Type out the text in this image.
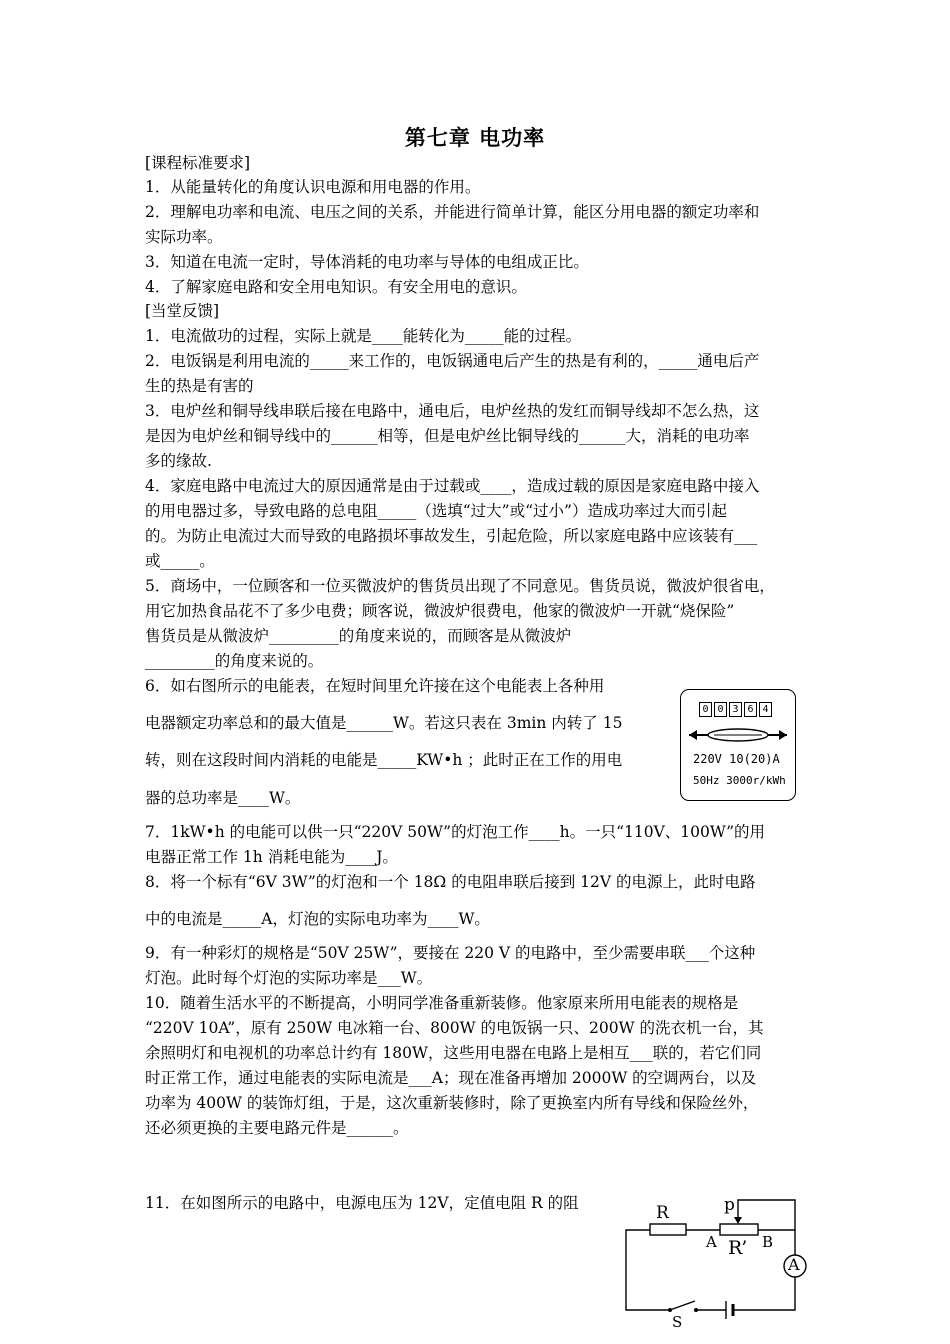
第七章 电功率
[课程标准要求]
1．从能量转化的角度认识电源和用电器的作用。
2．理解电功率和电流、电压之间的关系，并能进行简单计算，能区分用电器的额定功率和
实际功率。
3．知道在电流一定时，导体消耗的电功率与导体的电组成正比。
4．了解家庭电路和安全用电知识。有安全用电的意识。
[当堂反馈]
1．电流做功的过程，实际上就是____能转化为_____能的过程。
2．电饭锅是利用电流的_____来工作的，电饭锅通电后产生的热是有利的，_____通电后产
生的热是有害的
3．电炉丝和铜导线串联后接在电路中，通电后，电炉丝热的发红而铜导线却不怎么热，这
是因为电炉丝和铜导线中的______相等，但是电炉丝比铜导线的______大，消耗的电功率
多的缘故.
4．家庭电路中电流过大的原因通常是由于过载或____，造成过载的原因是家庭电路中接入
的用电器过多，导致电路的总电阻_____（选填“过大”或“过小”）造成功率过大而引起
的。为防止电流过大而导致的电路损坏事故发生，引起危险，所以家庭电路中应该装有___
或_____。
5．商场中，一位顾客和一位买微波炉的售货员出现了不同意见。售货员说，微波炉很省电，
用它加热食品花不了多少电费；顾客说，微波炉很费电，他家的微波炉一开就“烧保险”
售货员是从微波炉_________的角度来说的，而顾客是从微波炉
_________的角度来说的。
6．如右图所示的电能表，在短时间里允许接在这个电能表上各种用
电器额定功率总和的最大值是______W。若这只表在 3min 内转了 15
转，则在这段时间内消耗的电能是_____KW•h ；此时正在工作的用电
器的总功率是____W。
7．1kW•h 的电能可以供一只“220V 50W”的灯泡工作____h。一只“110V、100W”的用
电器正常工作 1h 消耗电能为____J。
8．将一个标有“6V 3W”的灯泡和一个 18Ω 的电阻串联后接到 12V 的电源上，此时电路
中的电流是_____A，灯泡的实际电功率为____W。
9．有一种彩灯的规格是“50V 25W”，要接在 220 V 的电路中，至少需要串联___个这种
灯泡。此时每个灯泡的实际功率是___W。
10．随着生活水平的不断提高，小明同学准备重新装修。他家原来所用电能表的规格是
“220V 10A”，原有 250W 电冰箱一台、800W 的电饭锅一只、200W 的洗衣机一台，其
余照明灯和电视机的功率总计约有 180W，这些用电器在电路上是相互___联的，若它们同
时正常工作，通过电能表的实际电流是___A；现在准备再增加 2000W 的空调两台，以及
功率为 400W 的装饰灯组，于是，这次重新装修时，除了更换室内所有导线和保险丝外，
还必须更换的主要电路元件是______。
11．在如图所示的电路中，电源电压为 12V，定值电阻 R 的阻
0 0 3 6 4
220V 10(20)A
50Hz 3000r/kWh
R	p
A R’ B
A
S
